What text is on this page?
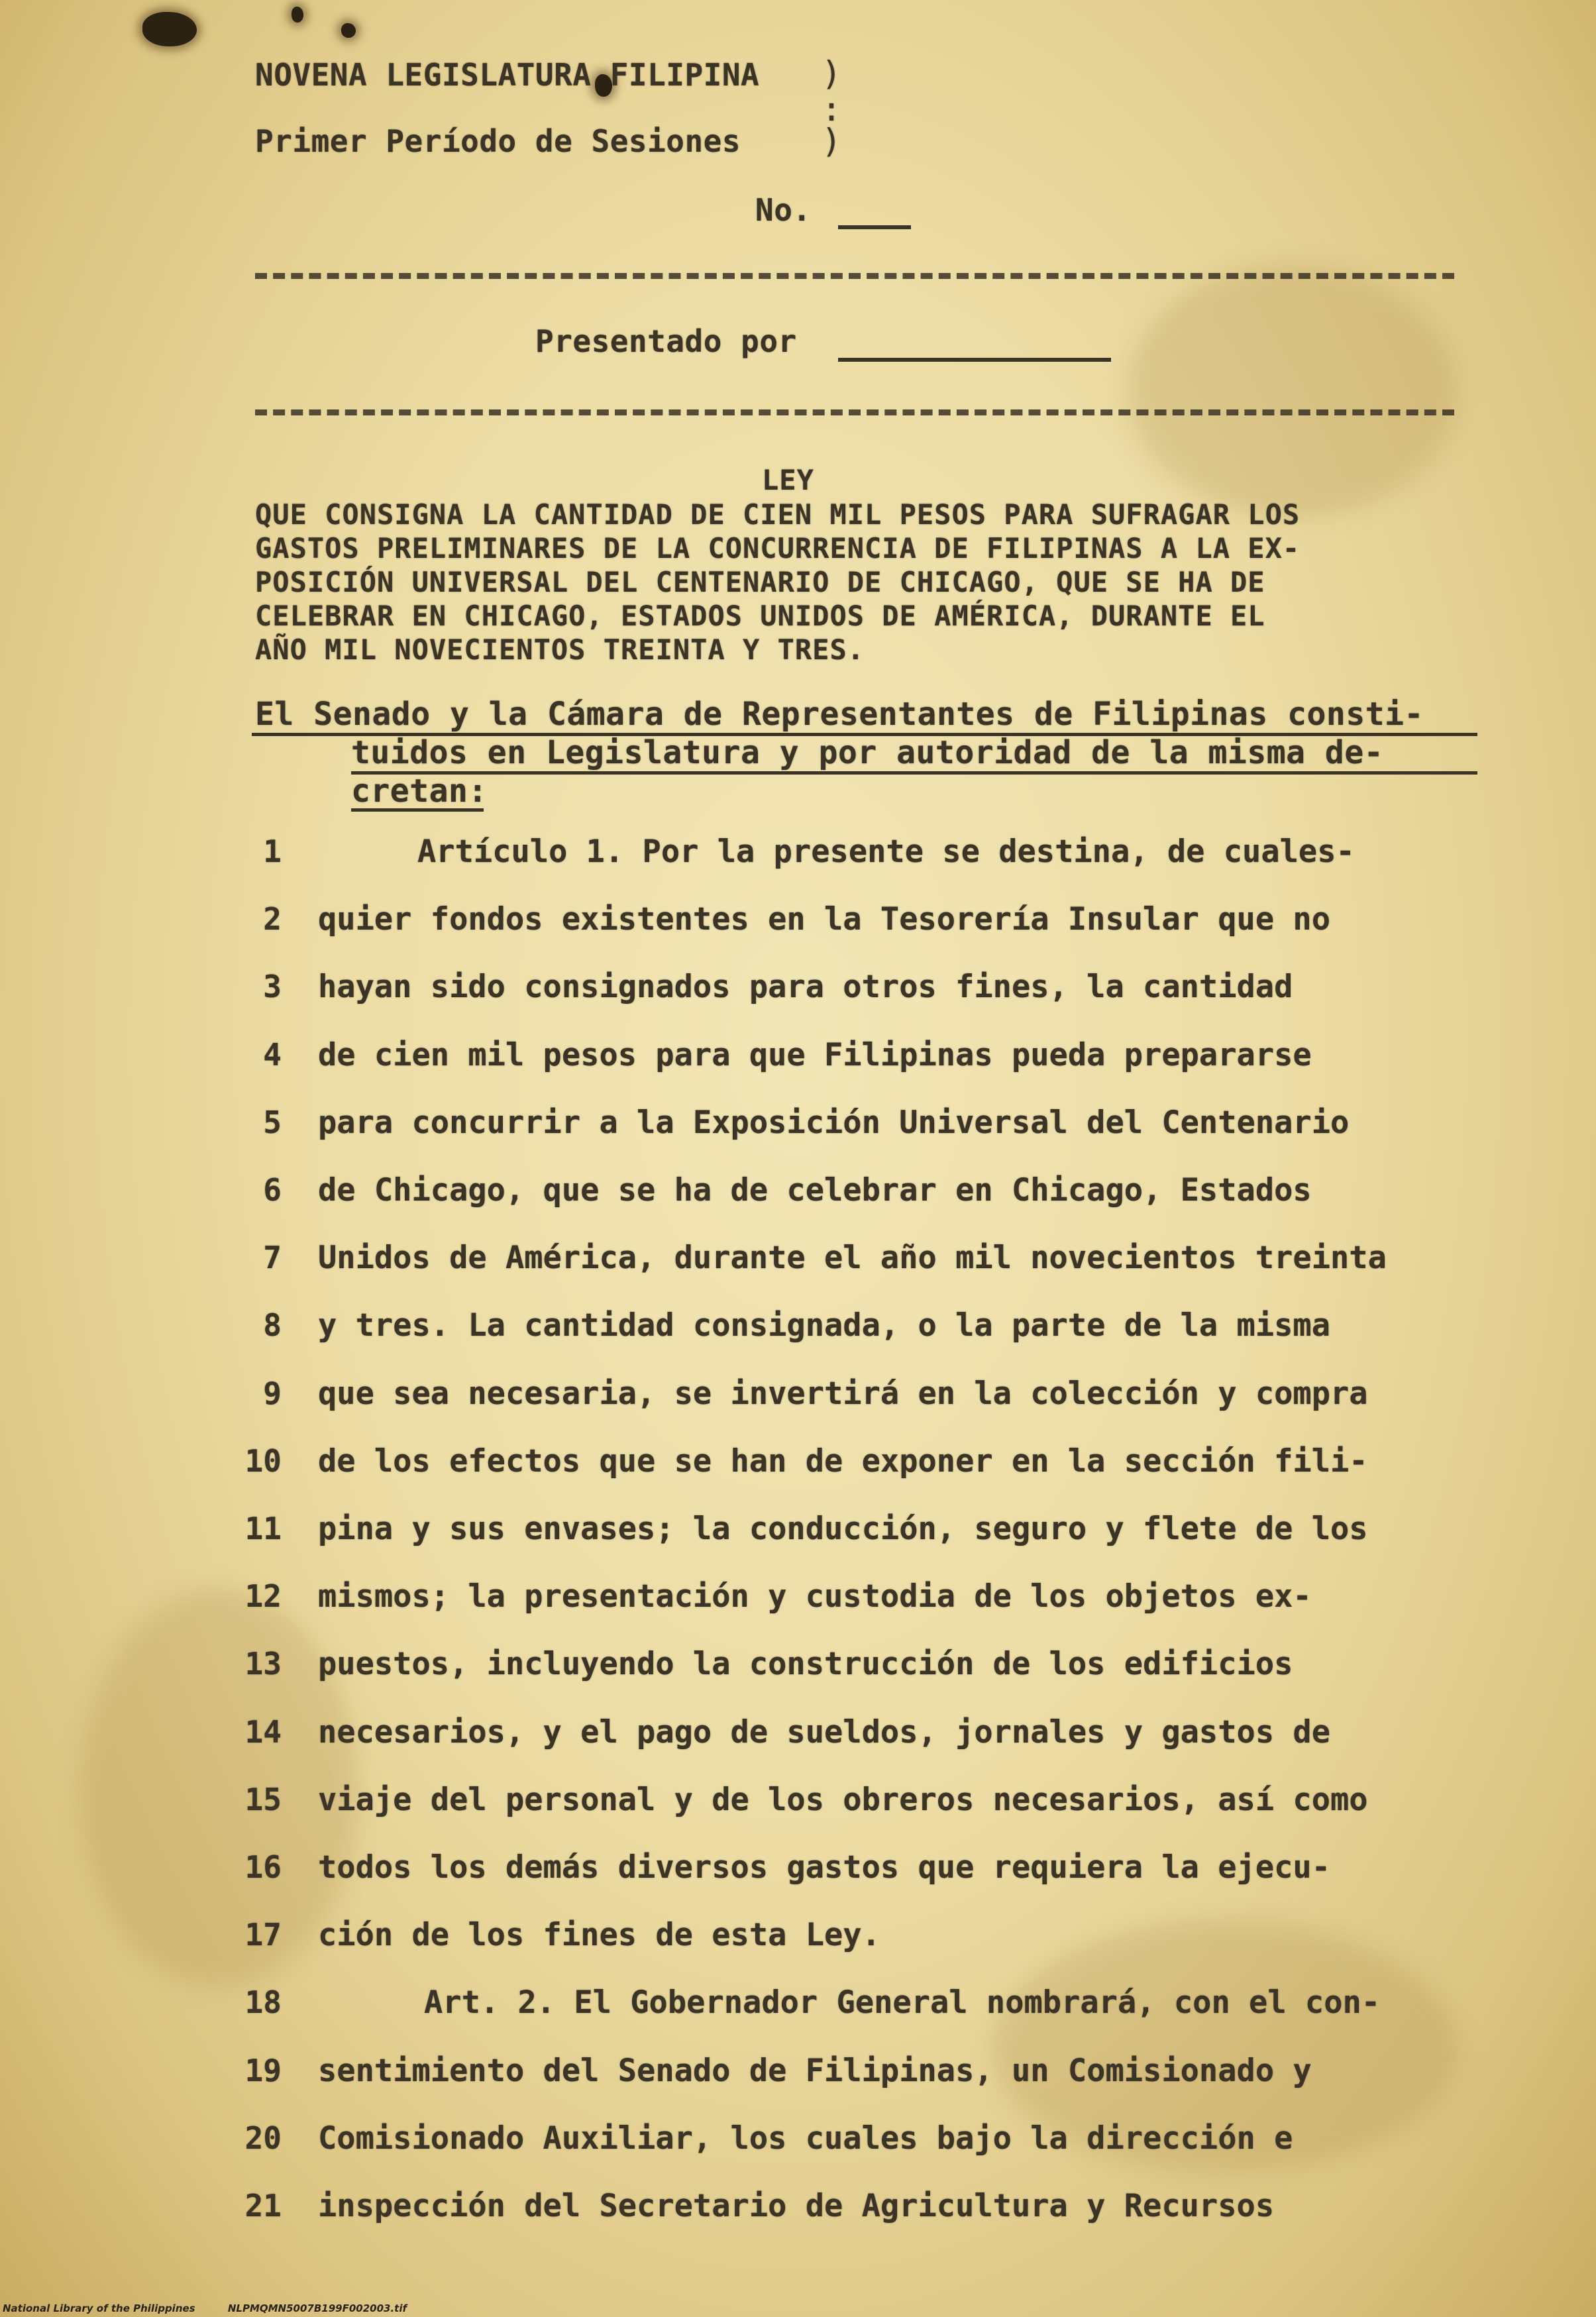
NOVENA LEGISLATURA FILIPINA )

:

Primer Período de Sesiones )

No.

Presentado por

LEY

QUE CONSIGNA LA CANTIDAD DE CIEN MIL PESOS PARA SUFRAGAR LOS

GASTOS PRELIMINARES DE LA CONCURRENCIA DE FILIPINAS A LA EX-

POSICIÓN UNIVERSAL DEL CENTENARIO DE CHICAGO, QUE SE HA DE

CELEBRAR EN CHICAGO, ESTADOS UNIDOS DE AMÉRICA, DURANTE EL

AÑO MIL NOVECIENTOS TREINTA Y TRES.

El Senado y la Cámara de Representantes de Filipinas consti-

tuidos en Legislatura y por autoridad de la misma de-

cretan:

1	Artículo 1. Por la presente se destina, de cuales-

2 quier fondos existentes en la Tesorería Insular que no

3 hayan sido consignados para otros fines, la cantidad

4 de cien mil pesos para que Filipinas pueda prepararse

5 para concurrir a la Exposición Universal del Centenario

6 de Chicago, que se ha de celebrar en Chicago, Estados

7 Unidos de América, durante el año mil novecientos treinta

8 y tres. La cantidad consignada, o la parte de la misma

9 que sea necesaria, se invertirá en la colección y compra

10 de los efectos que se han de exponer en la sección fili-

11 pina y sus envases; la conducción, seguro y flete de los

12 mismos; la presentación y custodia de los objetos ex-

13 puestos, incluyendo la construcción de los edificios

14 necesarios, y el pago de sueldos, jornales y gastos de

15 viaje del personal y de los obreros necesarios, así como

16 todos los demás diversos gastos que requiera la ejecu-

17 ción de los fines de esta Ley.

18	Art. 2. El Gobernador General nombrará, con el con-

19 sentimiento del Senado de Filipinas, un Comisionado y

20 Comisionado Auxiliar, los cuales bajo la dirección e

21 inspección del Secretario de Agricultura y Recursos

National Library of the Philippines	NLPMQMN5007B199F002003.tif
